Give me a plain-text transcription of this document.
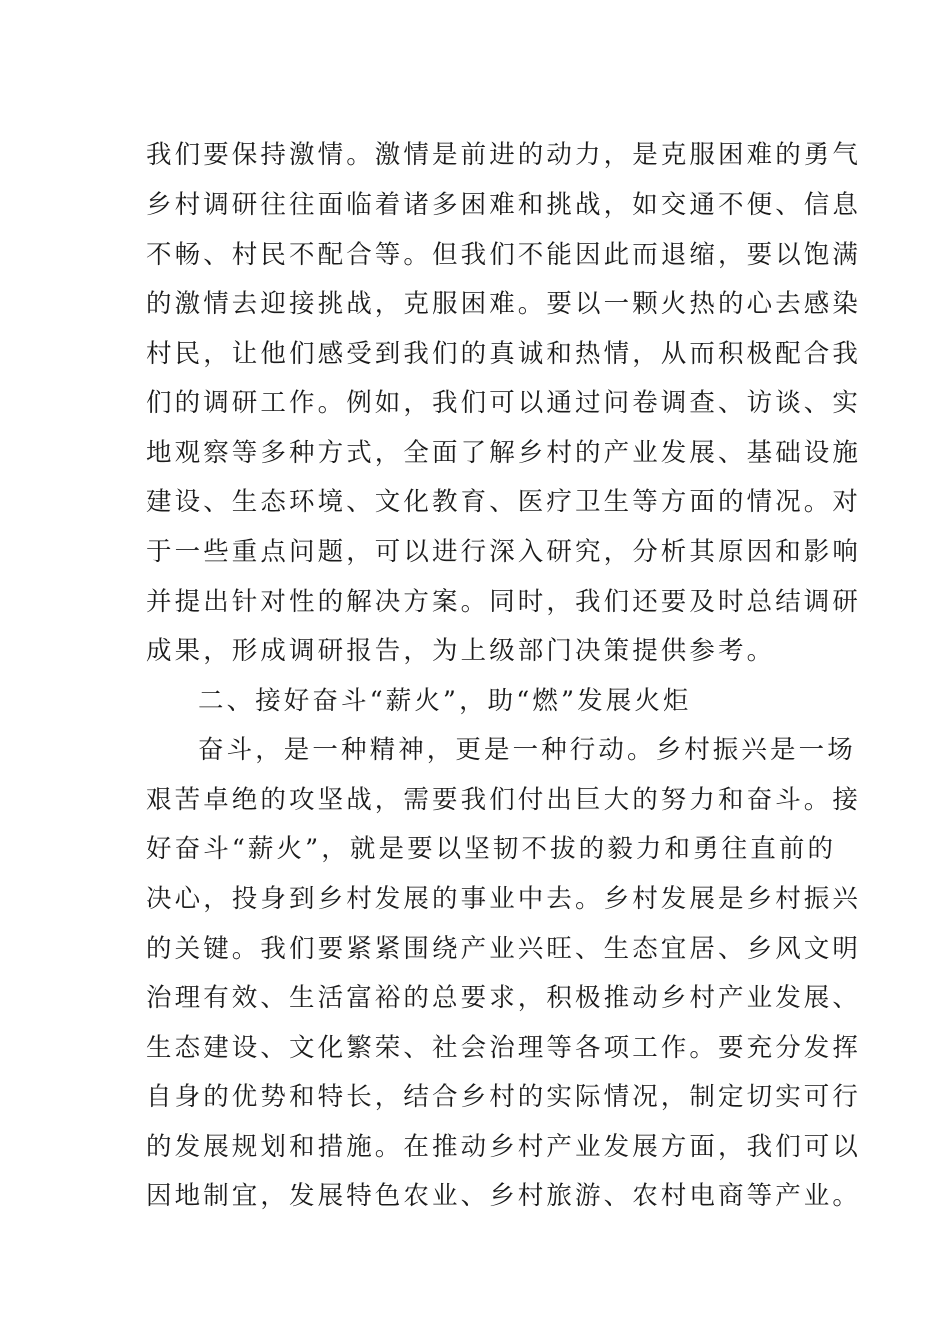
我们要保持激情。激情是前进的动力，是克服困难的勇气
乡村调研往往面临着诸多困难和挑战，如交通不便、信息
不畅、村民不配合等。但我们不能因此而退缩，要以饱满
的激情去迎接挑战，克服困难。要以一颗火热的心去感染
村民，让他们感受到我们的真诚和热情，从而积极配合我
们的调研工作。例如，我们可以通过问卷调查、访谈、实
地观察等多种方式，全面了解乡村的产业发展、基础设施
建设、生态环境、文化教育、医疗卫生等方面的情况。对
于一些重点问题，可以进行深入研究，分析其原因和影响
并提出针对性的解决方案。同时，我们还要及时总结调研
成果，形成调研报告，为上级部门决策提供参考。
二、接好奋斗“薪火”，助“燃”发展火炬
奋斗，是一种精神，更是一种行动。乡村振兴是一场
艰苦卓绝的攻坚战，需要我们付出巨大的努力和奋斗。接
好奋斗“薪火”，就是要以坚韧不拔的毅力和勇往直前的
决心，投身到乡村发展的事业中去。乡村发展是乡村振兴
的关键。我们要紧紧围绕产业兴旺、生态宜居、乡风文明
治理有效、生活富裕的总要求，积极推动乡村产业发展、
生态建设、文化繁荣、社会治理等各项工作。要充分发挥
自身的优势和特长，结合乡村的实际情况，制定切实可行
的发展规划和措施。在推动乡村产业发展方面，我们可以
因地制宜，发展特色农业、乡村旅游、农村电商等产业。
